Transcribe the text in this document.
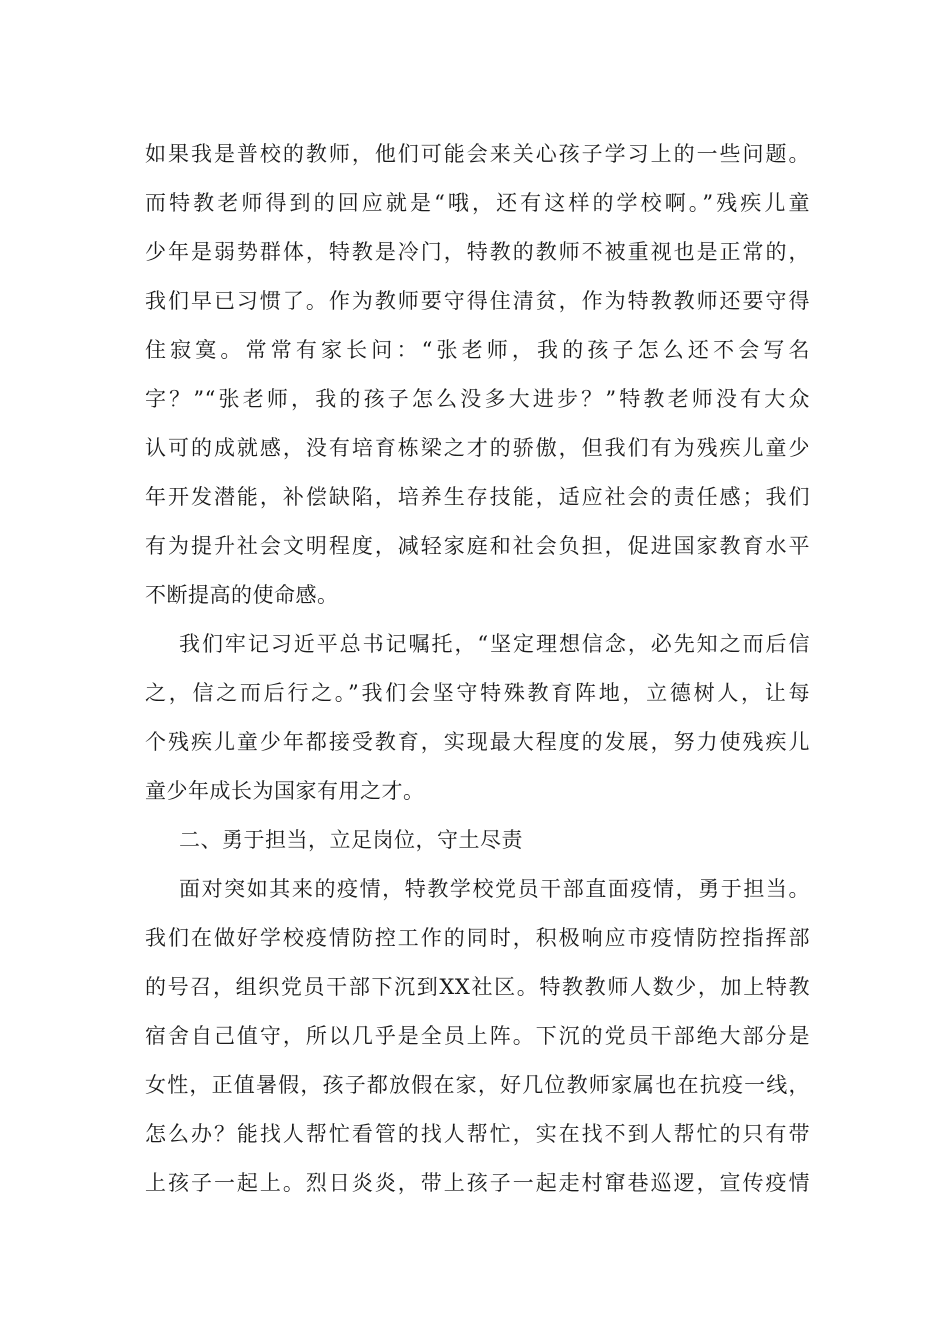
如果我是普校的教师，他们可能会来关心孩子学习上的一些问题。
而特教老师得到的回应就是“哦，还有这样的学校啊。”残疾儿童
少年是弱势群体，特教是冷门，特教的教师不被重视也是正常的，
我们早已习惯了。作为教师要守得住清贫，作为特教教师还要守得
住寂寞。常常有家长问：“张老师，我的孩子怎么还不会写名
字？”“张老师，我的孩子怎么没多大进步？”特教老师没有大众
认可的成就感，没有培育栋梁之才的骄傲，但我们有为残疾儿童少
年开发潜能，补偿缺陷，培养生存技能，适应社会的责任感；我们
有为提升社会文明程度，减轻家庭和社会负担，促进国家教育水平
不断提高的使命感。
我们牢记习近平总书记嘱托，“坚定理想信念，必先知之而后信
之，信之而后行之。”我们会坚守特殊教育阵地，立德树人，让每
个残疾儿童少年都接受教育，实现最大程度的发展，努力使残疾儿
童少年成长为国家有用之才。
二、勇于担当，立足岗位，守土尽责
面对突如其来的疫情，特教学校党员干部直面疫情，勇于担当。
我们在做好学校疫情防控工作的同时，积极响应市疫情防控指挥部
的号召，组织党员干部下沉到XX社区。特教教师人数少，加上特教
宿舍自己值守，所以几乎是全员上阵。下沉的党员干部绝大部分是
女性，正值暑假，孩子都放假在家，好几位教师家属也在抗疫一线，
怎么办？能找人帮忙看管的找人帮忙，实在找不到人帮忙的只有带
上孩子一起上。烈日炎炎，带上孩子一起走村窜巷巡逻，宣传疫情
